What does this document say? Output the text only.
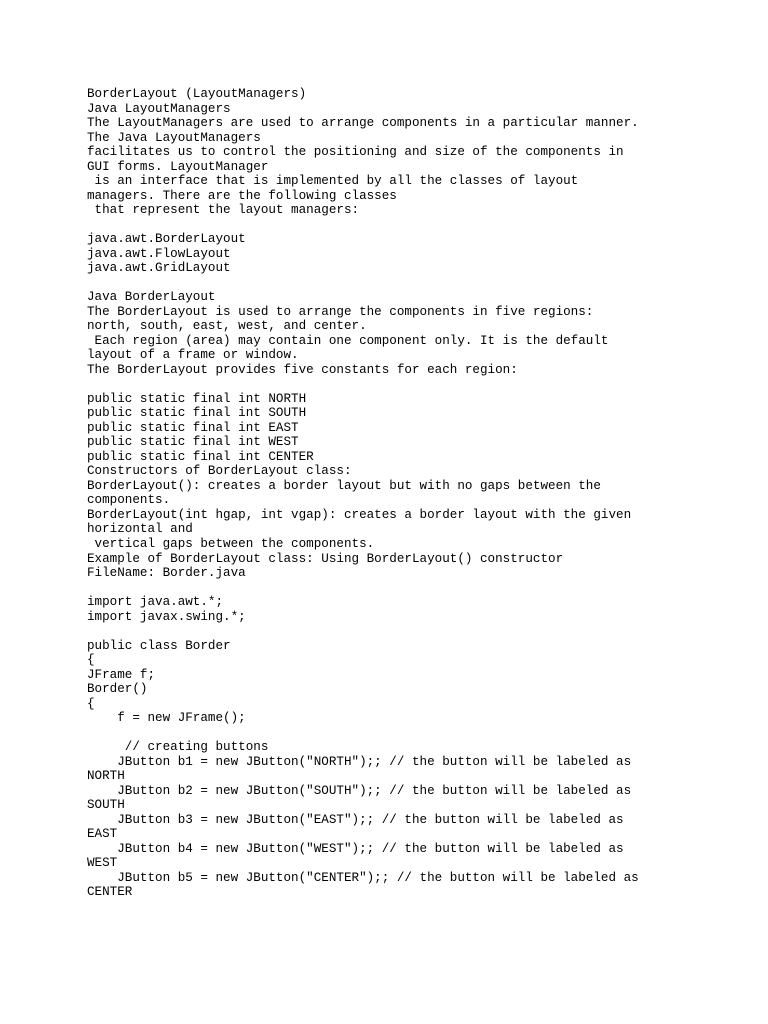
BorderLayout (LayoutManagers)
Java LayoutManagers
The LayoutManagers are used to arrange components in a particular manner.
The Java LayoutManagers
facilitates us to control the positioning and size of the components in
GUI forms. LayoutManager
is an interface that is implemented by all the classes of layout
managers. There are the following classes
that represent the layout managers:
java.awt.BorderLayout
java.awt.FlowLayout
java.awt.GridLayout
Java BorderLayout
The BorderLayout is used to arrange the components in five regions:
north, south, east, west, and center.
Each region (area) may contain one component only. It is the default
layout of a frame or window.
The BorderLayout provides five constants for each region:
public static final int NORTH
public static final int SOUTH
public static final int EAST
public static final int WEST
public static final int CENTER
Constructors of BorderLayout class:
BorderLayout(): creates a border layout but with no gaps between the
components.
BorderLayout(int hgap, int vgap): creates a border layout with the given
horizontal and
vertical gaps between the components.
Example of BorderLayout class: Using BorderLayout() constructor
FileName: Border.java
import java.awt.*;
import javax.swing.*;
public class Border
{
JFrame f;
Border()
{
f = new JFrame();
// creating buttons
JButton b1 = new JButton("NORTH");; // the button will be labeled as
NORTH
JButton b2 = new JButton("SOUTH");; // the button will be labeled as
SOUTH
JButton b3 = new JButton("EAST");; // the button will be labeled as
EAST
JButton b4 = new JButton("WEST");; // the button will be labeled as
WEST
JButton b5 = new JButton("CENTER");; // the button will be labeled as
CENTER
